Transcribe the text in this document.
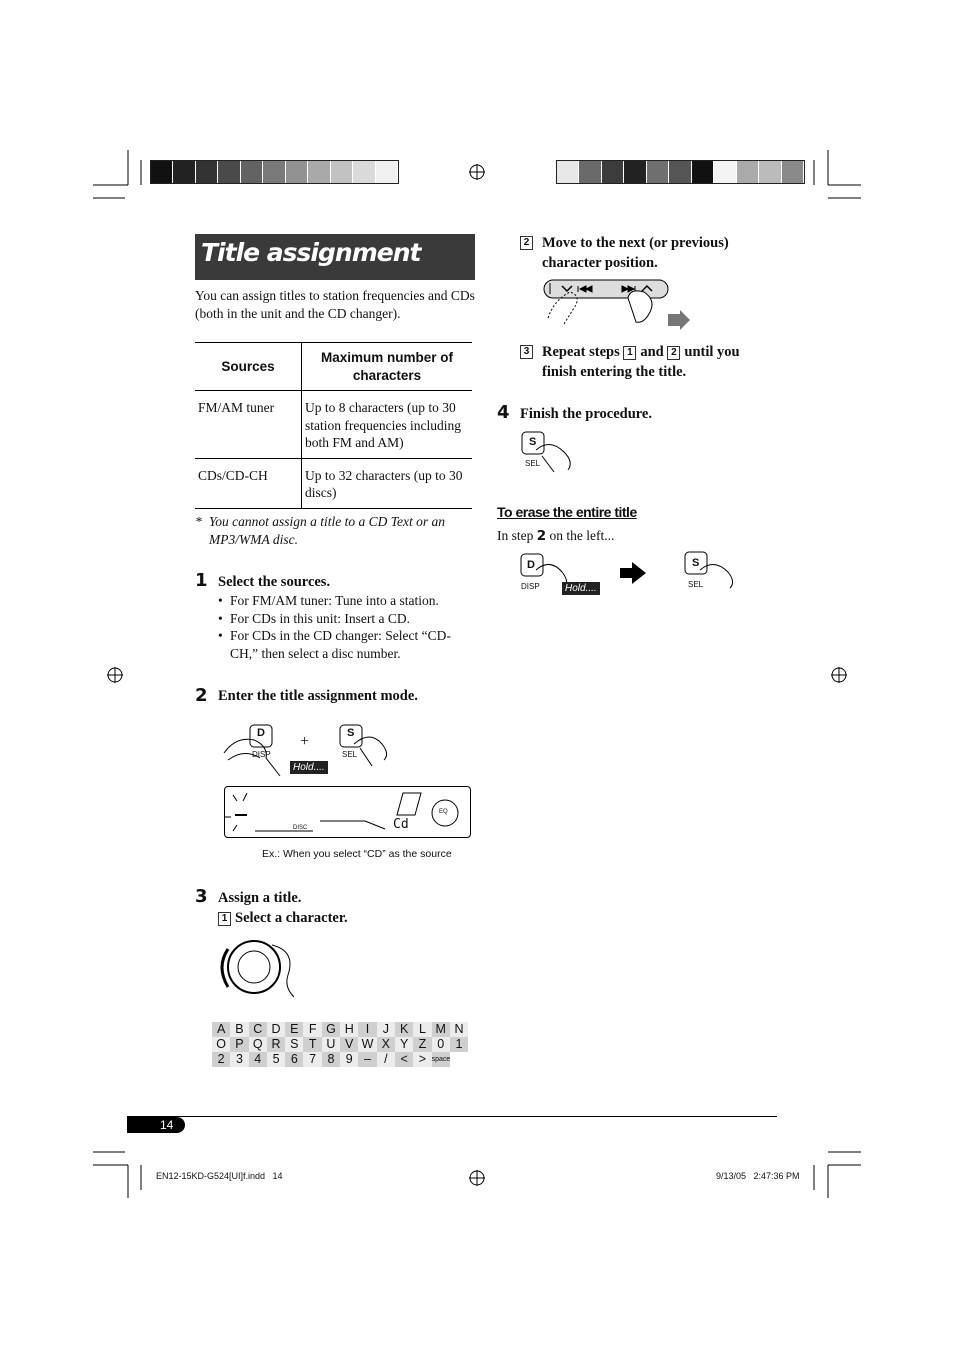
Title assignment

You can assign titles to station frequencies and CDs (both in the unit and the CD changer).

Sources	Maximum number of characters
FM/AM tuner	Up to 8 characters (up to 30 station frequencies including both FM and AM)
CDs/CD-CH	Up to 32 characters (up to 30 discs)
* You cannot assign a title to a CD Text or an MP3/WMA disc.

1 Select the sources.
• For FM/AM tuner: Tune into a station.
• For CDs in this unit: Insert a CD.
• For CDs in the CD changer: Select “CD-CH,” then select a disc number.
2 Enter the title assignment mode.
D
DISP
+	S
SEL
Hold....
DISC	Cd
EQ
Ex.: When you select “CD” as the source
3 Assign a title.
1 Select a character.
A B C D E F G H I	J K L M N
O P Q R S T U V W X Y Z 0 1
2 3 4 5 6 7 8 9 –	/	< > space
2 Move to the next (or previous) character position.

3 Repeat steps 1 and 2 until you finish entering the title.

4 Finish the procedure.
S
SEL
To erase the entire title
In step 2 on the left...
D
DISP	Hold....
S
SEL
14
EN12-15KD-G524[UI]f.indd   14	9/13/05   2:47:36 PM
